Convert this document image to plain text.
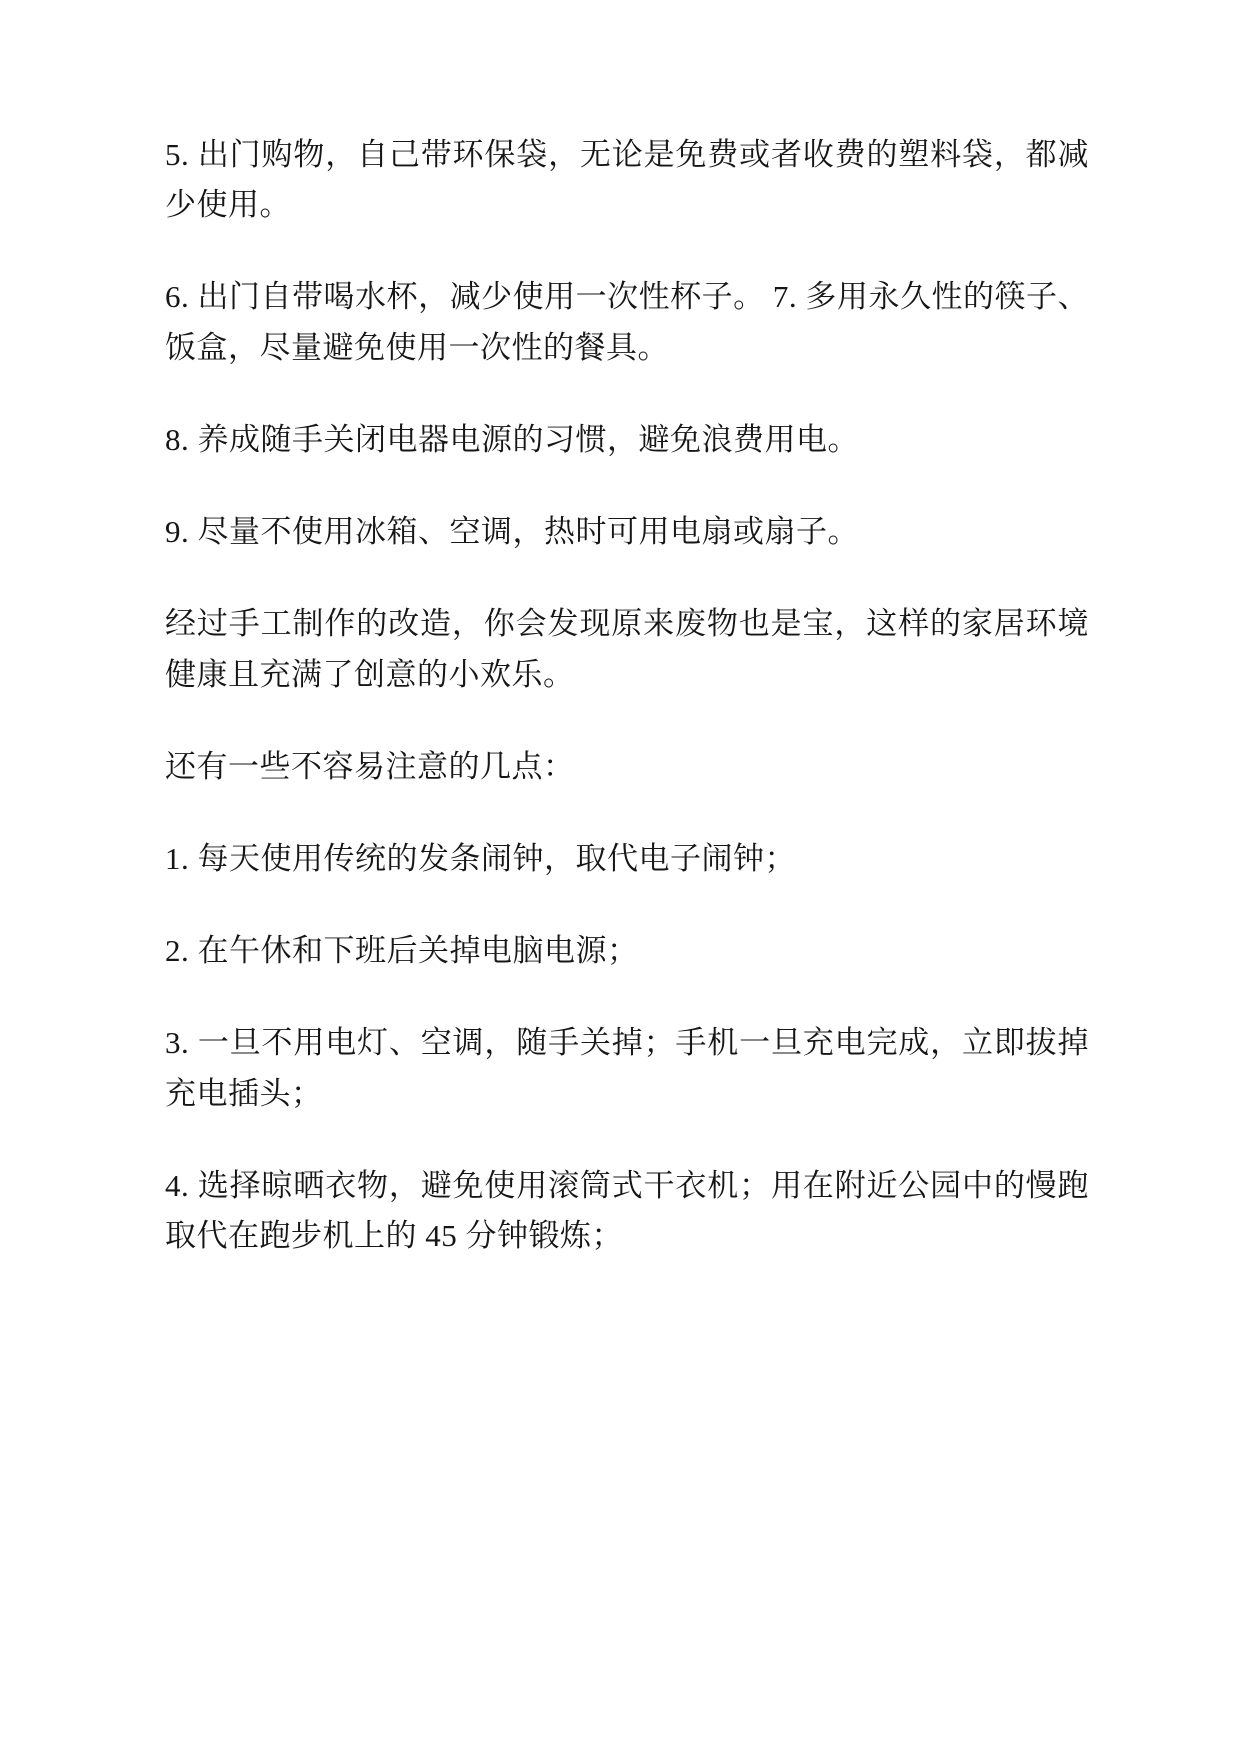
5. 出门购物，自己带环保袋，无论是免费或者收费的塑料袋，都减少使用。

6. 出门自带喝水杯，减少使用一次性杯子。 7. 多用永久性的筷子、饭盒，尽量避免使用一次性的餐具。

8. 养成随手关闭电器电源的习惯，避免浪费用电。

9. 尽量不使用冰箱、空调，热时可用电扇或扇子。

经过手工制作的改造，你会发现原来废物也是宝，这样的家居环境健康且充满了创意的小欢乐。

还有一些不容易注意的几点：

1. 每天使用传统的发条闹钟，取代电子闹钟；

2. 在午休和下班后关掉电脑电源；

3. 一旦不用电灯、空调，随手关掉；手机一旦充电完成，立即拔掉充电插头；

4. 选择晾晒衣物，避免使用滚筒式干衣机；用在附近公园中的慢跑取代在跑步机上的 45 分钟锻炼；
